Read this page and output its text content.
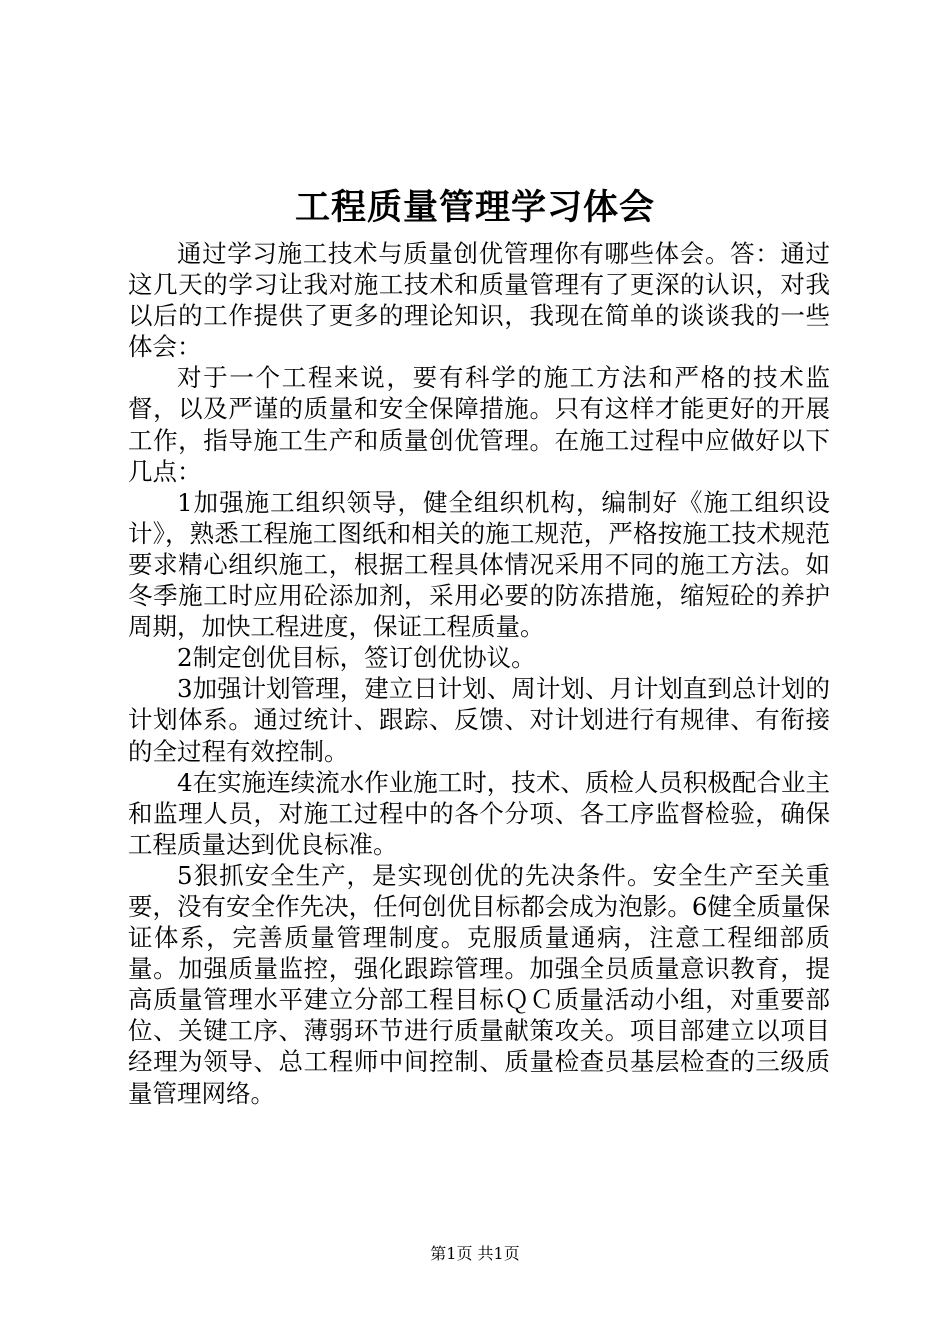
工程质量管理学习体会

通过学习施工技术与质量创优管理你有哪些体会。答：通过这几天的学习让我对施工技术和质量管理有了更深的认识，对我以后的工作提供了更多的理论知识，我现在简单的谈谈我的一些体会：

对于一个工程来说，要有科学的施工方法和严格的技术监督，以及严谨的质量和安全保障措施。只有这样才能更好的开展工作，指导施工生产和质量创优管理。在施工过程中应做好以下几点：

1加强施工组织领导，健全组织机构，编制好《施工组织设计》，熟悉工程施工图纸和相关的施工规范，严格按施工技术规范要求精心组织施工，根据工程具体情况采用不同的施工方法。如冬季施工时应用砼添加剂，采用必要的防冻措施，缩短砼的养护周期，加快工程进度，保证工程质量。

2制定创优目标，签订创优协议。

3加强计划管理，建立日计划、周计划、月计划直到总计划的计划体系。通过统计、跟踪、反馈、对计划进行有规律、有衔接的全过程有效控制。

4在实施连续流水作业施工时，技术、质检人员积极配合业主和监理人员，对施工过程中的各个分项、各工序监督检验，确保工程质量达到优良标准。

5狠抓安全生产，是实现创优的先决条件。安全生产至关重要，没有安全作先决，任何创优目标都会成为泡影。6健全质量保证体系，完善质量管理制度。克服质量通病，注意工程细部质量。加强质量监控，强化跟踪管理。加强全员质量意识教育，提高质量管理水平建立分部工程目标ＱＣ质量活动小组，对重要部位、关键工序、薄弱环节进行质量献策攻关。项目部建立以项目经理为领导、总工程师中间控制、质量检查员基层检查的三级质量管理网络。

第1页 共1页
